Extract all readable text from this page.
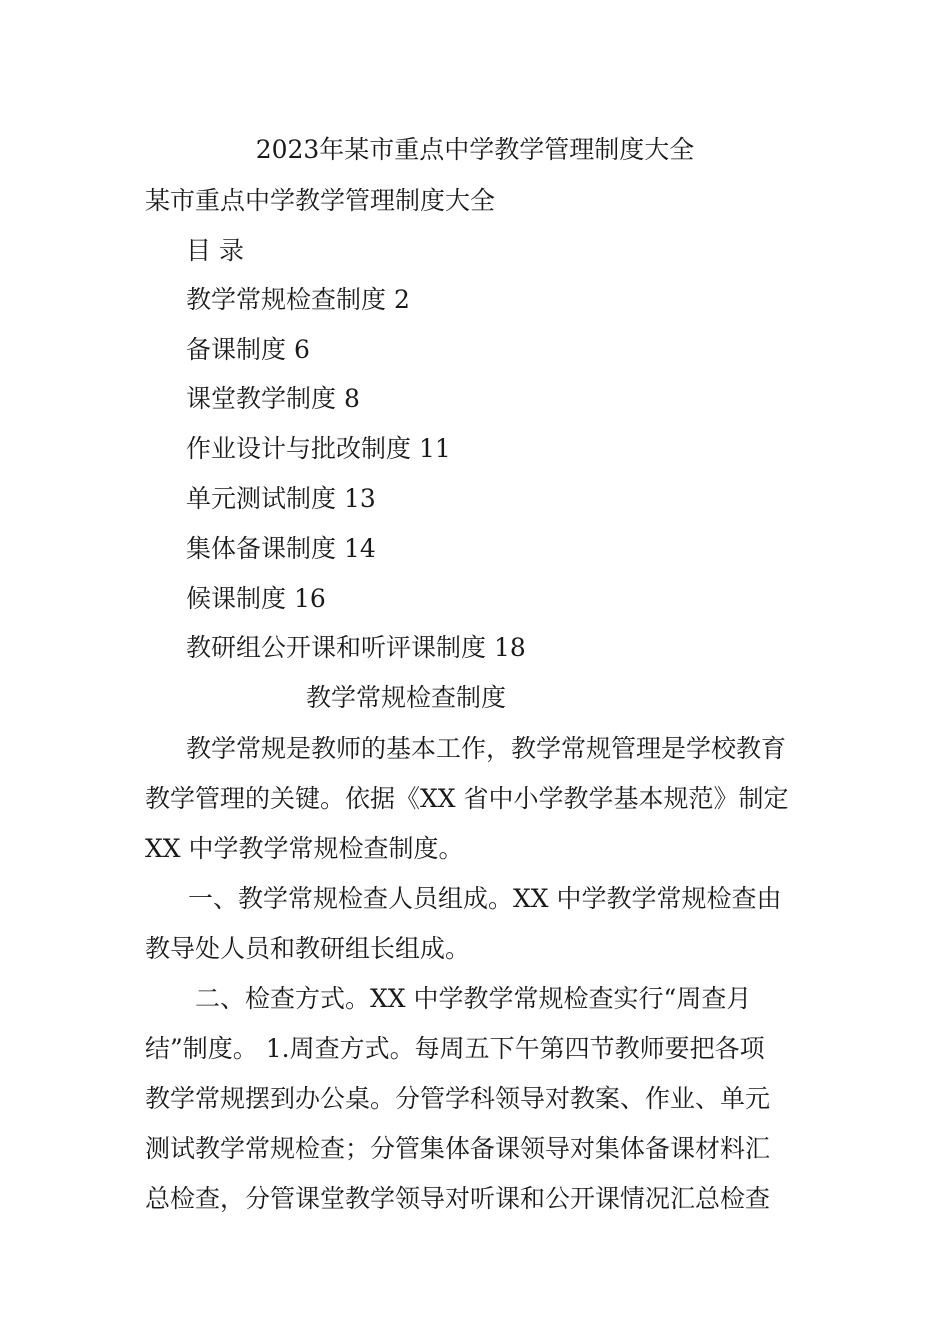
2023年某市重点中学教学管理制度大全
某市重点中学教学管理制度大全
目 录
教学常规检查制度 2
备课制度 6
课堂教学制度 8
作业设计与批改制度 11
单元测试制度 13
集体备课制度 14
候课制度 16
教研组公开课和听评课制度 18
教学常规检查制度
教学常规是教师的基本工作，教学常规管理是学校教育
教学管理的关键。依据《XX 省中小学教学基本规范》制定
XX 中学教学常规检查制度。
一、教学常规检查人员组成。XX 中学教学常规检查由
教导处人员和教研组长组成。
二、检查方式。XX 中学教学常规检查实行“周查月
结”制度。 1.周查方式。每周五下午第四节教师要把各项
教学常规摆到办公桌。分管学科领导对教案、作业、单元
测试教学常规检查；分管集体备课领导对集体备课材料汇
总检查，分管课堂教学领导对听课和公开课情况汇总检查
